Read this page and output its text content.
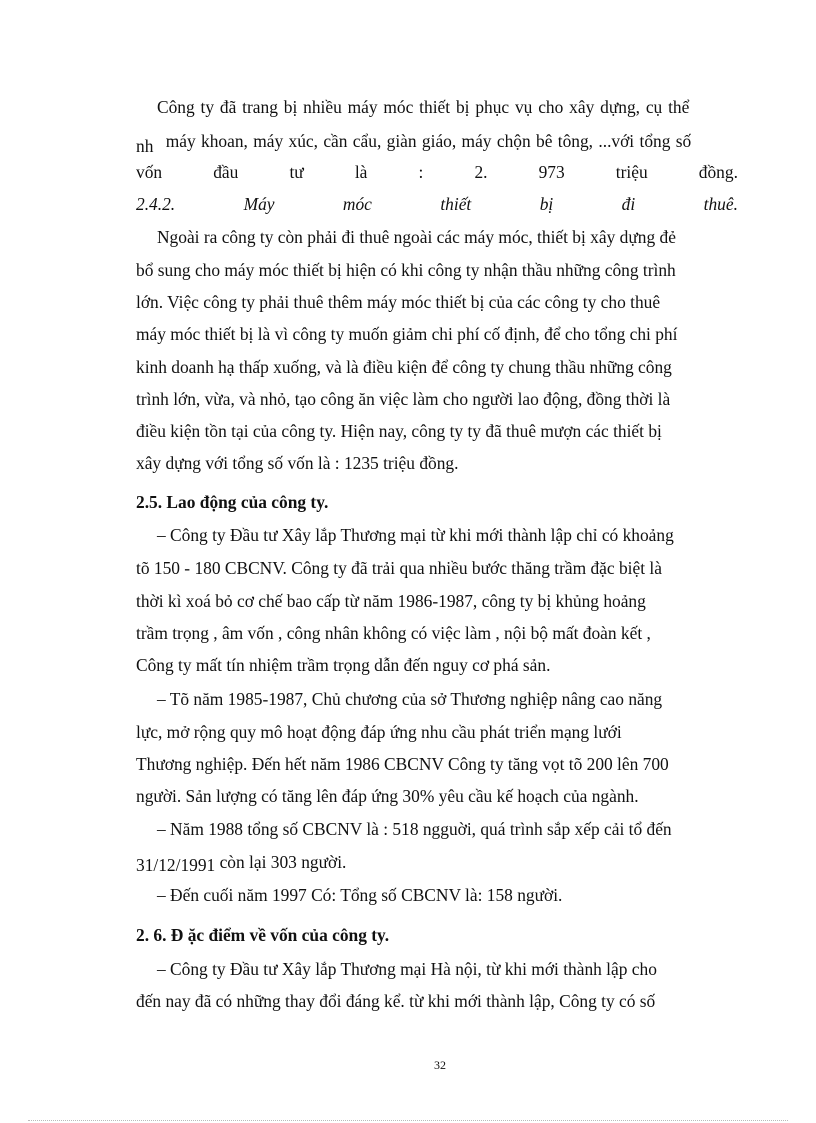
Công ty đã trang bị nhiều máy móc thiết bị phục vụ cho xây dựng, cụ thể

nh máy khoan, máy xúc, cần cẩu, giàn giáo, máy chộn bê tông, ...với tổng số

vốn	đầu	tư	là	:	2.	973	triệu	đồng.

2.4.2.	Máy	móc	thiết	bị	đi	thuê.

Ngoài ra công ty còn phải đi thuê ngoài các máy móc, thiết bị xây dựng đẻ

bổ sung cho máy móc thiết bị hiện có khi công ty nhận thầu những công trình

lớn. Việc công ty phải thuê thêm máy móc thiết bị của các công ty cho thuê

máy móc thiết bị là vì công ty muốn giảm chi phí cố định, để cho tổng chi phí

kinh doanh hạ thấp xuống, và là điều kiện để công ty chung thầu những công

trình lớn, vừa, và nhỏ, tạo công ăn việc làm cho người lao động, đồng thời là

điều kiện tồn tại của công ty. Hiện nay, công ty ty đã thuê mượn các thiết bị

xây dựng với tổng số vốn là : 1235 triệu đồng.

2.5. Lao động của công ty.

– Công ty Đầu tư Xây lắp Thương mại từ khi mới thành lập chỉ có khoảng

tõ 150 - 180 CBCNV. Công ty đã trải qua nhiều bước thăng trầm đặc biệt là

thời kì xoá bỏ cơ chế bao cấp từ năm 1986-1987, công ty bị khủng hoảng

trầm trọng , âm vốn , công nhân không có việc làm , nội bộ mất đoàn kết ,

Công ty mất tín nhiệm trầm trọng dẫn đến nguy cơ phá sản.

– Tõ năm 1985-1987, Chủ chương của sở Thương nghiệp nâng cao năng

lực, mở rộng quy mô hoạt động đáp ứng nhu cầu phát triển mạng lưới

Thương nghiệp. Đến hết năm 1986 CBCNV Công ty tăng vọt tõ 200 lên 700

người. Sản lượng có tăng lên đáp ứng 30% yêu cầu kế hoạch của ngành.

– Năm 1988 tổng số CBCNV là : 518 ngguời, quá trình sắp xếp cải tổ đến

31/12/1991 còn lại 303 người.

– Đến cuối năm 1997 Có: Tổng số CBCNV là: 158 người.

2. 6. Đ ặc điểm về vốn của công ty.

– Công ty Đầu tư Xây lắp Thương mại Hà nội, từ khi mới thành lập cho

đến nay đã có những thay đổi đáng kể. từ khi mới thành lập, Công ty có số

32
